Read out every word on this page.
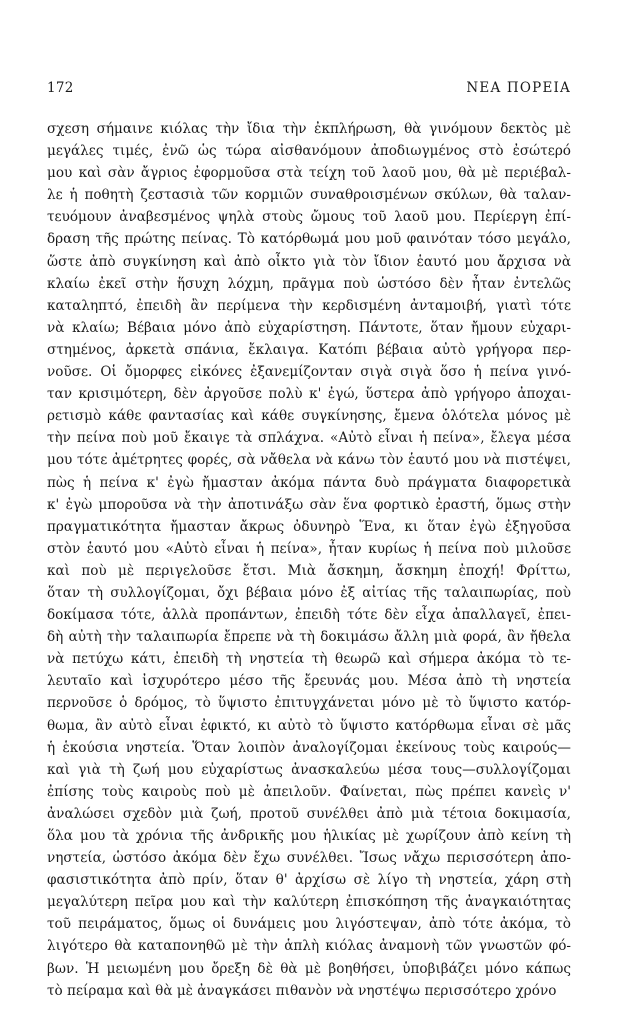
172	ΝΕΑ ΠΟΡΕΙΑ
σχεση σήμαινε κιόλας τὴν ἴδια τὴν ἐκπλήρωση, θὰ γινόμουν δεκτὸς μὲ
μεγάλες τιμές, ἐνῶ ὡς τώρα αἰσθανόμουν ἀποδιωγμένος στὸ ἐσώτερό
μου καὶ σὰν ἄγριος ἐφορμοῦσα στὰ τείχη τοῦ λαοῦ μου, θὰ μὲ περιέβαλ-
λε ἡ ποθητὴ ζεστασιὰ τῶν κορμιῶν συναθροισμένων σκύλων, θὰ ταλαν-
τευόμουν ἀναβεσμένος ψηλὰ στοὺς ὤμους τοῦ λαοῦ μου. Περίεργη ἐπί-
δραση τῆς πρώτης πείνας. Τὸ κατόρθωμά μου μοῦ φαινόταν τόσο μεγάλο,
ὥστε ἀπὸ συγκίνηση καὶ ἀπὸ οἶκτο γιὰ τὸν ἴδιον ἑαυτό μου ἄρχισα νὰ
κλαίω ἐκεῖ στὴν ἥσυχη λόχμη, πρᾶγμα ποὺ ὡστόσο δὲν ἦταν ἐντελῶς
καταληπτό, ἐπειδὴ ἂν περίμενα τὴν κερδισμένη ἀνταμοιβή, γιατὶ τότε
νὰ κλαίω; Βέβαια μόνο ἀπὸ εὐχαρίστηση. Πάντοτε, ὅταν ἤμουν εὐχαρι-
στημένος, ἀρκετὰ σπάνια, ἔκλαιγα. Κατόπι βέβαια αὐτὸ γρήγορα περ-
νοῦσε. Οἱ ὄμορφες εἰκόνες ἐξανεμίζονταν σιγὰ σιγὰ ὅσο ἡ πείνα γινό-
ταν κρισιμότερη, δὲν ἀργοῦσε πολὺ κ' ἐγώ, ὕστερα ἀπὸ γρήγορο ἀποχαι-
ρετισμὸ κάθε φαντασίας καὶ κάθε συγκίνησης, ἔμενα ὁλότελα μόνος μὲ
τὴν πείνα ποὺ μοῦ ἔκαιγε τὰ σπλάχνα. «Αὐτὸ εἶναι ἡ πείνα», ἔλεγα μέσα
μου τότε ἀμέτρητες φορές, σὰ νἄθελα νὰ κάνω τὸν ἑαυτό μου νὰ πιστέψει,
πὼς ἡ πείνα κ' ἐγὼ ἤμασταν ἀκόμα πάντα δυὸ πράγματα διαφορετικὰ
κ' ἐγὼ μποροῦσα νὰ τὴν ἀποτινάξω σὰν ἕνα φορτικὸ ἐραστή, ὅμως στὴν
πραγματικότητα ἤμασταν ἄκρως ὀδυνηρὸ Ἕνα, κι ὅταν ἐγὼ ἐξηγοῦσα
στὸν ἑαυτό μου «Αὐτὸ εἶναι ἡ πείνα», ἦταν κυρίως ἡ πείνα ποὺ μιλοῦσε
καὶ ποὺ μὲ περιγελοῦσε ἔτσι. Μιὰ ἄσκημη, ἄσκημη ἐποχή! Φρίττω,
ὅταν τὴ συλλογίζομαι, ὄχι βέβαια μόνο ἐξ αἰτίας τῆς ταλαιπωρίας, ποὺ
δοκίμασα τότε, ἀλλὰ προπάντων, ἐπειδὴ τότε δὲν εἶχα ἀπαλλαγεῖ, ἐπει-
δὴ αὐτὴ τὴν ταλαιπωρία ἔπρεπε νὰ τὴ δοκιμάσω ἄλλη μιὰ φορά, ἂν ἤθελα
νὰ πετύχω κάτι, ἐπειδὴ τὴ νηστεία τὴ θεωρῶ καὶ σήμερα ἀκόμα τὸ τε-
λευταῖο καὶ ἰσχυρότερο μέσο τῆς ἔρευνάς μου. Μέσα ἀπὸ τὴ νηστεία
περνοῦσε ὁ δρόμος, τὸ ὕψιστο ἐπιτυγχάνεται μόνο μὲ τὸ ὕψιστο κατόρ-
θωμα, ἂν αὐτὸ εἶναι ἐφικτό, κι αὐτὸ τὸ ὕψιστο κατόρθωμα εἶναι σὲ μᾶς
ἡ ἑκούσια νηστεία. Ὅταν λοιπὸν ἀναλογίζομαι ἐκείνους τοὺς καιρούς—
καὶ γιὰ τὴ ζωή μου εὐχαρίστως ἀνασκαλεύω μέσα τους—συλλογίζομαι
ἐπίσης τοὺς καιροὺς ποὺ μὲ ἀπειλοῦν. Φαίνεται, πὼς πρέπει κανεὶς ν'
ἀναλώσει σχεδὸν μιὰ ζωή, προτοῦ συνέλθει ἀπὸ μιὰ τέτοια δοκιμασία,
ὅλα μου τὰ χρόνια τῆς ἀνδρικῆς μου ἡλικίας μὲ χωρίζουν ἀπὸ κείνη τὴ
νηστεία, ὡστόσο ἀκόμα δὲν ἔχω συνέλθει. Ἴσως νἄχω περισσότερη ἀπο-
φασιστικότητα ἀπὸ πρίν, ὅταν θ' ἀρχίσω σὲ λίγο τὴ νηστεία, χάρη στὴ
μεγαλύτερη πεῖρα μου καὶ τὴν καλύτερη ἐπισκόπηση τῆς ἀναγκαιότητας
τοῦ πειράματος, ὅμως οἱ δυνάμεις μου λιγόστεψαν, ἀπὸ τότε ἀκόμα, τὸ
λιγότερο θὰ καταπονηθῶ μὲ τὴν ἁπλὴ κιόλας ἀναμονὴ τῶν γνωστῶν φό-
βων. Ἡ μειωμένη μου ὄρεξη δὲ θὰ μὲ βοηθήσει, ὑποβιβάζει μόνο κάπως
τὸ πείραμα καὶ θὰ μὲ ἀναγκάσει πιθανὸν νὰ νηστέψω περισσότερο χρόνο
